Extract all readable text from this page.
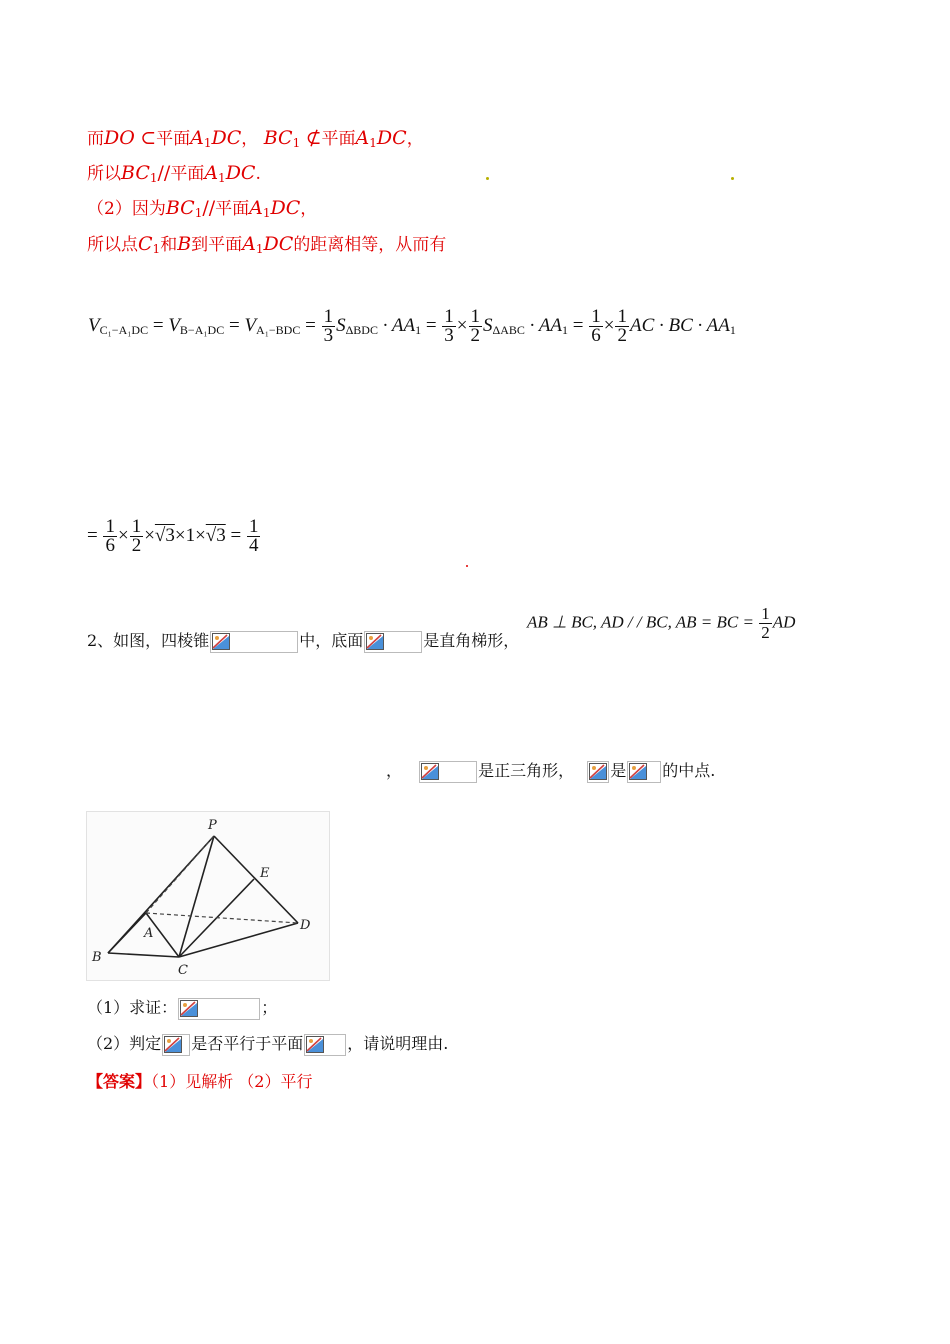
而DO ⊂平面$A_1DC$， $BC_1$ ⊄平面$A_1DC$，
所以$BC_1//$平面$A_1DC$.
（2）因为$BC_1//$平面$A_1DC$，
所以点$C_1$和B到平面$A_1DC$的距离相等，从而有
$V_{C_1-A_1DC} = V_{B-A_1DC} = V_{A_1-BDC} = \frac{1}{3} S_{\Delta BDC} \cdot AA_1 = \frac{1}{3} \times \frac{1}{2} S_{\Delta ABC} \cdot AA_1 = \frac{1}{6} \times \frac{1}{2}$ AC · BC · $AA_1$
= $\frac{1}{6} \times \frac{1}{2} \times√3\times 1\times√3 = \frac{1}{4}$
2、如图，四棱锥	中，底面	是直角梯形，
AB ⊥ BC, AD / / BC, AB = BC = $\frac{1}{2}$ AD
，	是正三角形， 是 的中点.
P
E
A
B
C
D
（1）求证：	；
（2）判定 是否平行于平面	，请说明理由.
【答案】（1）见解析 （2）平行
